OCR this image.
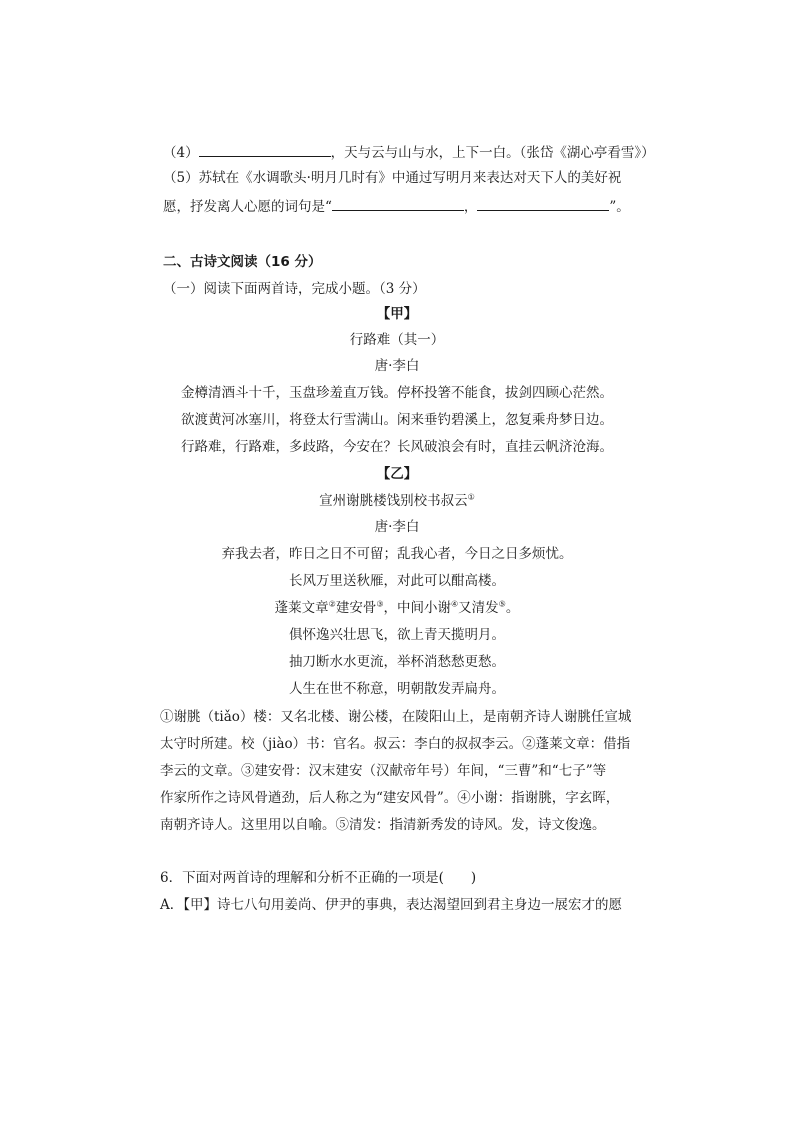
（4）	，天与云与山与水，上下一白。（张岱《湖心亭看雪》）
（5）苏轼在《水调歌头·明月几时有》中通过写明月来表达对天下人的美好祝
愿，抒发离人心愿的词句是“	，	”。
二、古诗文阅读（16 分）
（一）阅读下面两首诗，完成小题。（3 分）
【甲】
行路难（其一）
唐·李白
金樽清酒斗十千，玉盘珍羞直万钱。停杯投箸不能食，拔剑四顾心茫然。
欲渡黄河冰塞川，将登太行雪满山。闲来垂钓碧溪上，忽复乘舟梦日边。
行路难，行路难，多歧路，今安在？长风破浪会有时，直挂云帆济沧海。
【乙】
宣州谢朓楼饯别校书叔云①
唐·李白
弃我去者，昨日之日不可留；乱我心者，今日之日多烦忧。
长风万里送秋雁，对此可以酣高楼。
蓬莱文章②建安骨③，中间小谢④又清发⑤。
俱怀逸兴壮思飞，欲上青天揽明月。
抽刀断水水更流，举杯消愁愁更愁。
人生在世不称意，明朝散发弄扁舟。
①谢朓（tiǎo）楼：又名北楼、谢公楼，在陵阳山上，是南朝齐诗人谢朓任宣城
太守时所建。校（jiào）书：官名。叔云：李白的叔叔李云。②蓬莱文章：借指
李云的文章。③建安骨：汉末建安（汉献帝年号）年间，“三曹”和“七子”等
作家所作之诗风骨遒劲，后人称之为“建安风骨”。④小谢：指谢朓，字玄晖，
南朝齐诗人。这里用以自喻。⑤清发：指清新秀发的诗风。发，诗文俊逸。
6．下面对两首诗的理解和分析不正确的一项是(　　)
A．【甲】诗七八句用姜尚、伊尹的事典，表达渴望回到君主身边一展宏才的愿
